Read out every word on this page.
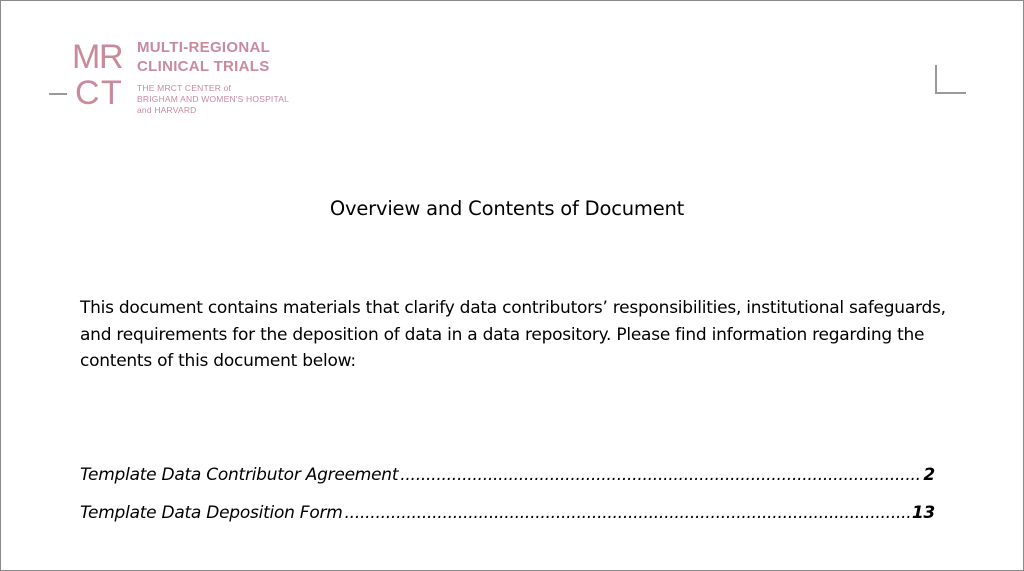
M
R
C T
MULTI-REGIONAL
CLINICAL TRIALS
THE MRCT CENTER of
BRIGHAM AND WOMEN'S HOSPITAL
and HARVARD
Overview and Contents of Document

This document contains materials that clarify data contributors’ responsibilities, institutional safeguards, and requirements for the deposition of data in a data repository. Please find information regarding the contents of this document below:

Template Data Contributor Agreement .....	2
Template Data Deposition Form .....	13
